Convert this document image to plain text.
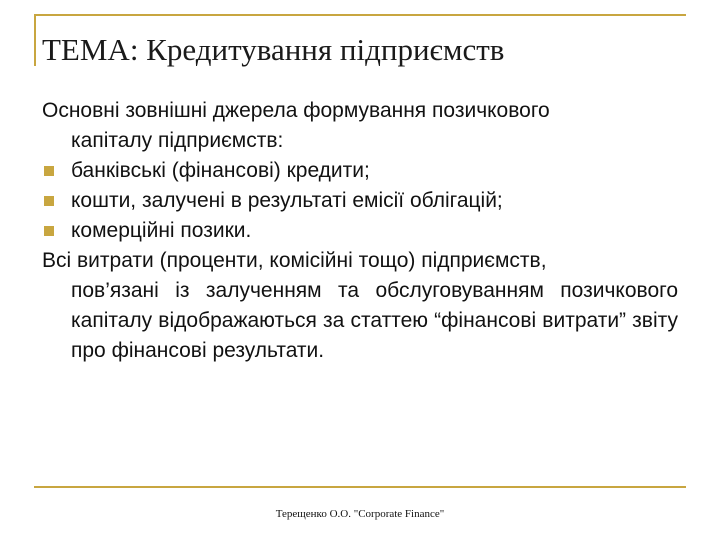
ТЕМА: Кредитування підприємств
Основні зовнішні джерела формування позичкового
капіталу підприємств:
банківські (фінансові) кредити;
кошти, залучені в результаті емісії облігацій;
комерційні позики.
Всі витрати (проценти, комісійні тощо) підприємств,
пов’язані із залученням та обслуговуванням позичкового капіталу відображаються за статтею “фінансові витрати” звіту про фінансові результати.
Терещенко О.О. "Corporate Finance"
